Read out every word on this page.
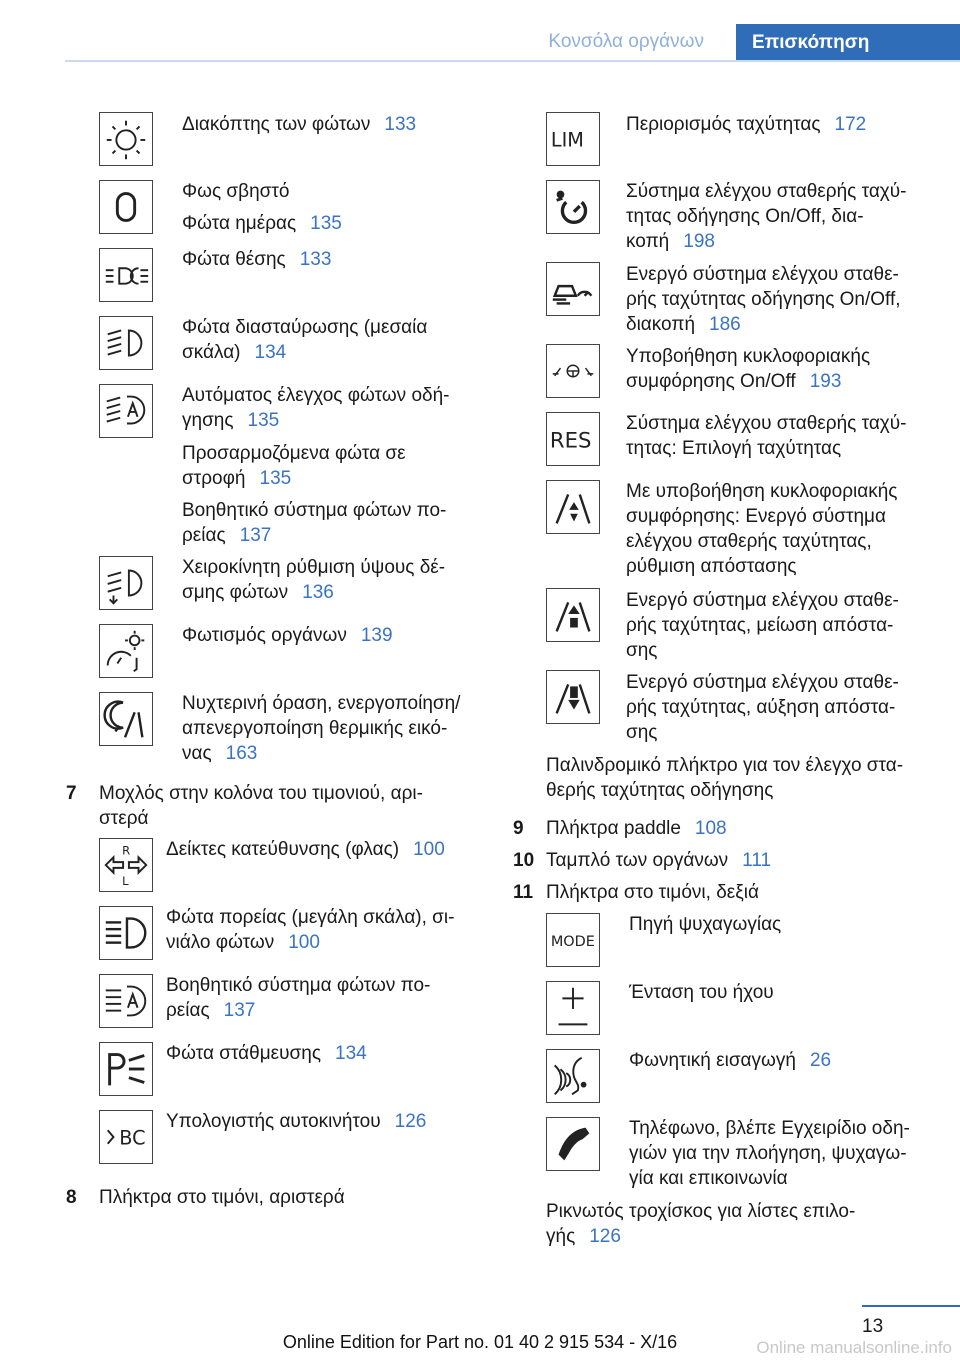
Κονσόλα οργάνων	Επισκόπηση
Διακόπτης των φώτων 133
Φως σβηστό
Φώτα ημέρας 135
Φώτα θέσης 133
Φώτα διασταύρωσης (μεσαία
σκάλα) 134
Αυτόματος έλεγχος φώτων οδή-
γησης 135
Προσαρμοζόμενα φώτα σε
στροφή 135
Βοηθητικό σύστημα φώτων πο-
ρείας 137
Χειροκίνητη ρύθμιση ύψους δέ-
σμης φώτων 136
Φωτισμός οργάνων 139
Νυχτερινή όραση, ενεργοποίηση/
απενεργοποίηση θερμικής εικό-
νας 163
7 Μοχλός στην κολόνα του τιμονιού, αρι-
στερά
R
L
Δείκτες κατεύθυνσης (φλας) 100
Φώτα πορείας (μεγάλη σκάλα), σι-
νιάλο φώτων 100
Βοηθητικό σύστημα φώτων πο-
ρείας 137
Φώτα στάθμευσης 134
BC
Υπολογιστής αυτοκινήτου 126
8 Πλήκτρα στο τιμόνι, αριστερά
LIM
Περιορισμός ταχύτητας 172
Σύστημα ελέγχου σταθερής ταχύ-
τητας οδήγησης On/Off, δια-
κοπή 198
Ενεργό σύστημα ελέγχου σταθε-
ρής ταχύτητας οδήγησης On/Off,
διακοπή 186
Υποβοήθηση κυκλοφοριακής
συμφόρησης On/Off 193
RES
Σύστημα ελέγχου σταθερής ταχύ-
τητας: Επιλογή ταχύτητας
Με υποβοήθηση κυκλοφοριακής
συμφόρησης: Ενεργό σύστημα
ελέγχου σταθερής ταχύτητας,
ρύθμιση απόστασης
Ενεργό σύστημα ελέγχου σταθε-
ρής ταχύτητας, μείωση απόστα-
σης
Ενεργό σύστημα ελέγχου σταθε-
ρής ταχύτητας, αύξηση απόστα-
σης
Παλινδρομικό πλήκτρο για τον έλεγχο στα-
θερής ταχύτητας οδήγησης
9 Πλήκτρα paddle 108
10 Ταμπλό των οργάνων 111
11 Πλήκτρα στο τιμόνι, δεξιά
MODE
Πηγή ψυχαγωγίας
Ένταση του ήχου
Φωνητική εισαγωγή 26
Τηλέφωνο, βλέπε Εγχειρίδιο οδη-
γιών για την πλοήγηση, ψυχαγω-
γία και επικοινωνία
Ρικνωτός τροχίσκος για λίστες επιλο-
γής 126
13
Online Edition for Part no. 01 40 2 915 534 - X/16	Online manualsonline.info
